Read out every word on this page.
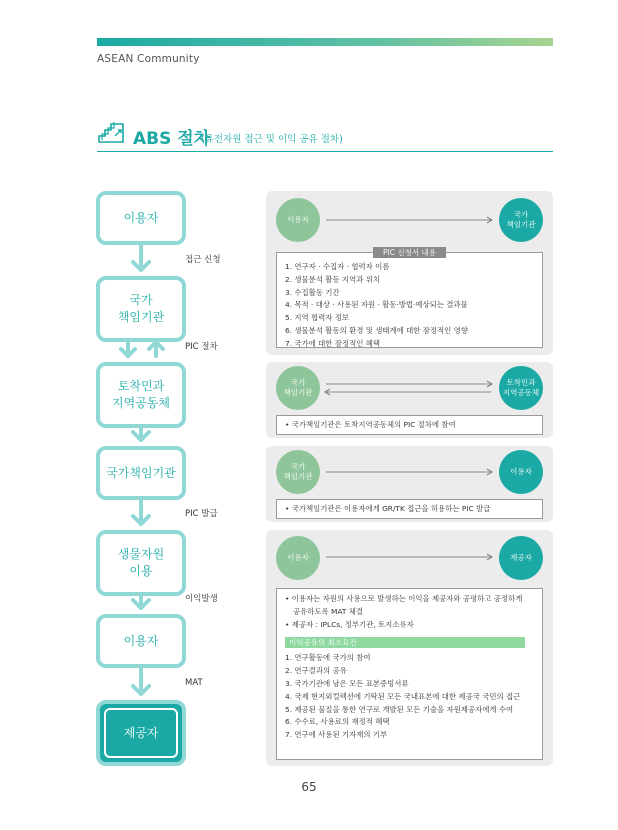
ASEAN Community
ABS 절차
(유전자원 접근 및 이익 공유 절차)
이용자
국가
책임기관
토착민과
지역공동체
국가책임기관
생물자원
이용
이용자
제공자
접근 신청
PIC 절차
PIC 발급
이익발생
MAT
이용자
국가
책임기관
PIC 신청서 내용
1. 연구자 · 수집자 · 협력자 이름
2. 생물분석 활동 지역과 위치
3. 수집활동 기간
4. 목적 · 대상 · 사용된 자원 · 활동·방법·예상되는 결과물
5. 지역 협력자 정보
6. 생물분석 활동의 환경 및 생태계에 대한 잠정적인 영향
7. 국가에 대한 잠정적인 혜택
국가
책임기관
토착민과
지역공동체
• 국가책임기관은 토착지역공동체의 PIC 절차에 참여
국가
책임기관
이용자
• 국가책임기관은 이용자에게 GR/TK 접근을 허용하는 PIC 발급
이용자	제공자
• 이용자는 자원의 사용으로 발생하는 이익을 제공자와 공평하고 공정하게
공유하도록 MAT 체결
• 제공자 : IPLCs, 정부기관, 토지소유자
이익공유의 최소요건
1. 연구활동에 국가의 참여
2. 연구결과의 공유
3. 국가기관에 남은 모든 표본증빙서류
4. 국제 현지외컬렉션에 기탁된 모든 국내표본에 대한 제공국 국민의 접근
5. 제공된 물질을 통한 연구로 개발된 모든 기술을 자원제공자에게 수여
6. 수수료, 사용료의 재정적 혜택
7. 연구에 사용된 기자재의 기부
65
